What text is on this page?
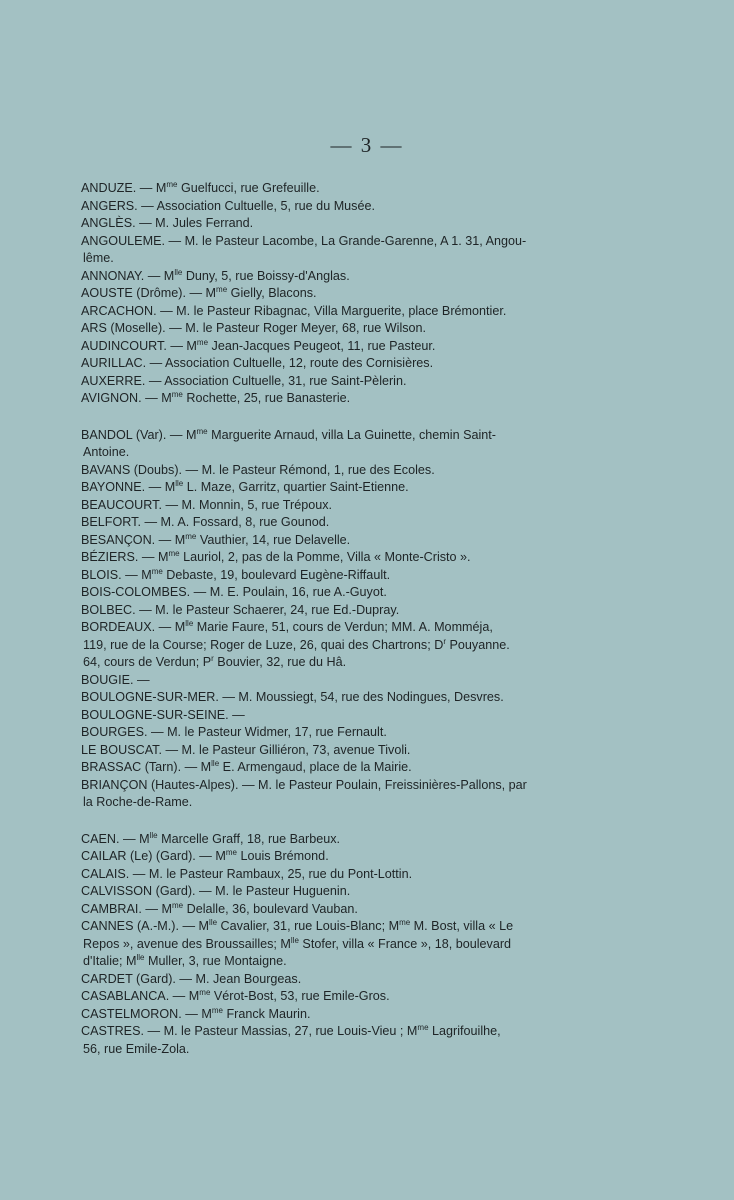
— 3 —

ANDUZE. — $M^{me}$ Guelfucci, rue Grefeuille.

ANGERS. — Association Cultuelle, 5, rue du Musée.

ANGLÈS. — M. Jules Ferrand.

ANGOULEME. — M. le Pasteur Lacombe, La Grande-Garenne, A 1. 31, Angou-
lême.

ANNONAY. — $M^{lle}$ Duny, 5, rue Boissy-d'Anglas.

AOUSTE (Drôme). — $M^{me}$ Gielly, Blacons.

ARCACHON. — M. le Pasteur Ribagnac, Villa Marguerite, place Brémontier.

ARS (Moselle). — M. le Pasteur Roger Meyer, 68, rue Wilson.

AUDINCOURT. — $M^{me}$ Jean-Jacques Peugeot, 11, rue Pasteur.

AURILLAC. — Association Cultuelle, 12, route des Cornisières.

AUXERRE. — Association Cultuelle, 31, rue Saint-Pèlerin.

AVIGNON. — $M^{me}$ Rochette, 25, rue Banasterie.

BANDOL (Var). — $M^{me}$ Marguerite Arnaud, villa La Guinette, chemin Saint-
Antoine.

BAVANS (Doubs). — M. le Pasteur Rémond, 1, rue des Ecoles.

BAYONNE. — $M^{lle}$ L. Maze, Garritz, quartier Saint-Etienne.

BEAUCOURT. — M. Monnin, 5, rue Trépoux.

BELFORT. — M. A. Fossard, 8, rue Gounod.

BESANÇON. — $M^{me}$ Vauthier, 14, rue Delavelle.

BÉZIERS. — $M^{me}$ Lauriol, 2, pas de la Pomme, Villa « Monte-Cristo ».

BLOIS. — $M^{me}$ Debaste, 19, boulevard Eugène-Riffault.

BOIS-COLOMBES. — M. E. Poulain, 16, rue A.-Guyot.

BOLBEC. — M. le Pasteur Schaerer, 24, rue Ed.-Dupray.

BORDEAUX. — $M^{lle}$ Marie Faure, 51, cours de Verdun; MM. A. Momméja,
119, rue de la Course; Roger de Luze, 26, quai des Chartrons; $D^r$ Pouyanne.
64, cours de Verdun; $P^r$ Bouvier, 32, rue du Hâ.

BOUGIE. —

BOULOGNE-SUR-MER. — M. Moussiegt, 54, rue des Nodingues, Desvres.

BOULOGNE-SUR-SEINE. —

BOURGES. — M. le Pasteur Widmer, 17, rue Fernault.

LE BOUSCAT. — M. le Pasteur Gilliéron, 73, avenue Tivoli.

BRASSAC (Tarn). — $M^{lle}$ E. Armengaud, place de la Mairie.

BRIANÇON (Hautes-Alpes). — M. le Pasteur Poulain, Freissinières-Pallons, par
la Roche-de-Rame.

CAEN. — $M^{lle}$ Marcelle Graff, 18, rue Barbeux.

CAILAR (Le) (Gard). — $M^{me}$ Louis Brémond.

CALAIS. — M. le Pasteur Rambaux, 25, rue du Pont-Lottin.

CALVISSON (Gard). — M. le Pasteur Huguenin.

CAMBRAI. — $M^{me}$ Delalle, 36, boulevard Vauban.

CANNES (A.-M.). — $M^{lle}$ Cavalier, 31, rue Louis-Blanc; $M^{me}$ M. Bost, villa « Le
Repos », avenue des Broussailles; $M^{lle}$ Stofer, villa « France », 18, boulevard
d'Italie; $M^{lle}$ Muller, 3, rue Montaigne.

CARDET (Gard). — M. Jean Bourgeas.

CASABLANCA. — $M^{me}$ Vérot-Bost, 53, rue Emile-Gros.

CASTELMORON. — $M^{me}$ Franck Maurin.

CASTRES. — M. le Pasteur Massias, 27, rue Louis-Vieu ; $M^{me}$ Lagrifouilhe,
56, rue Emile-Zola.
